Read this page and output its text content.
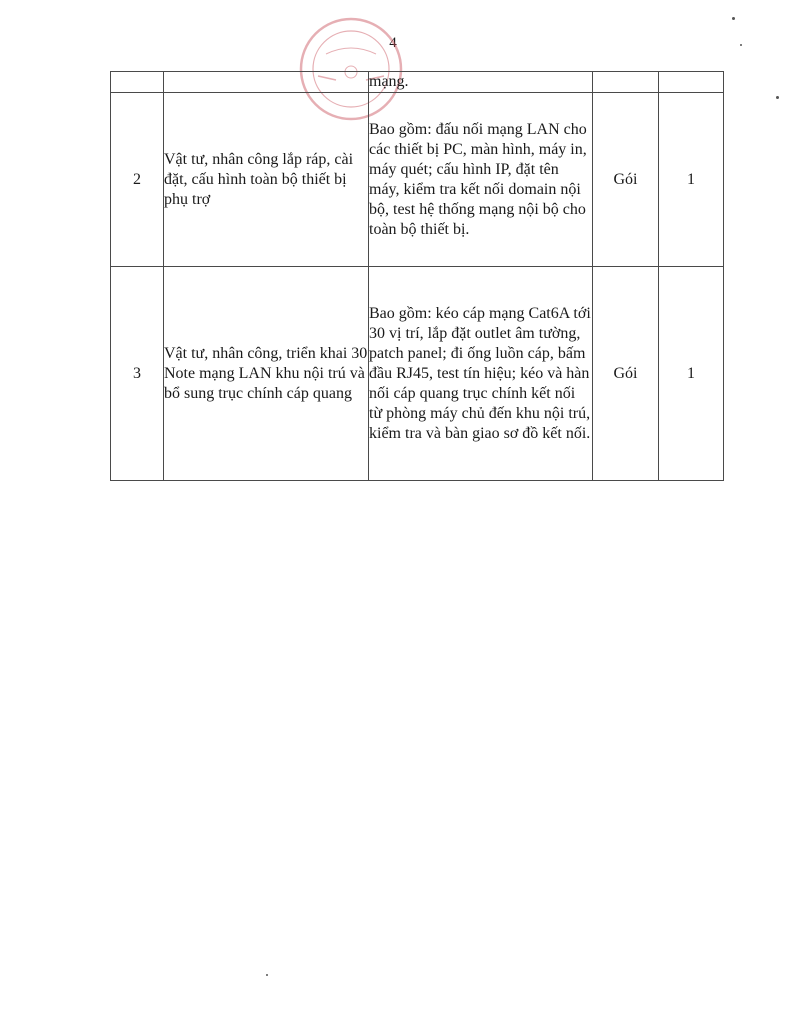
4
		mạng.		
2	Vật tư, nhân công lắp ráp, cài đặt, cấu hình toàn bộ thiết bị phụ trợ	Bao gồm: đấu nối mạng LAN cho các thiết bị PC, màn hình, máy in, máy quét; cấu hình IP, đặt tên máy, kiểm tra kết nối domain nội bộ, test hệ thống mạng nội bộ cho toàn bộ thiết bị.	Gói	1
3	Vật tư, nhân công, triển khai 30 Note mạng LAN khu nội trú và bổ sung trục chính cáp quang	Bao gồm: kéo cáp mạng Cat6A tới 30 vị trí, lắp đặt outlet âm tường, patch panel; đi ống luồn cáp, bấm đầu RJ45, test tín hiệu; kéo và hàn nối cáp quang trục chính kết nối từ phòng máy chủ đến khu nội trú, kiểm tra và bàn giao sơ đồ kết nối.	Gói	1
